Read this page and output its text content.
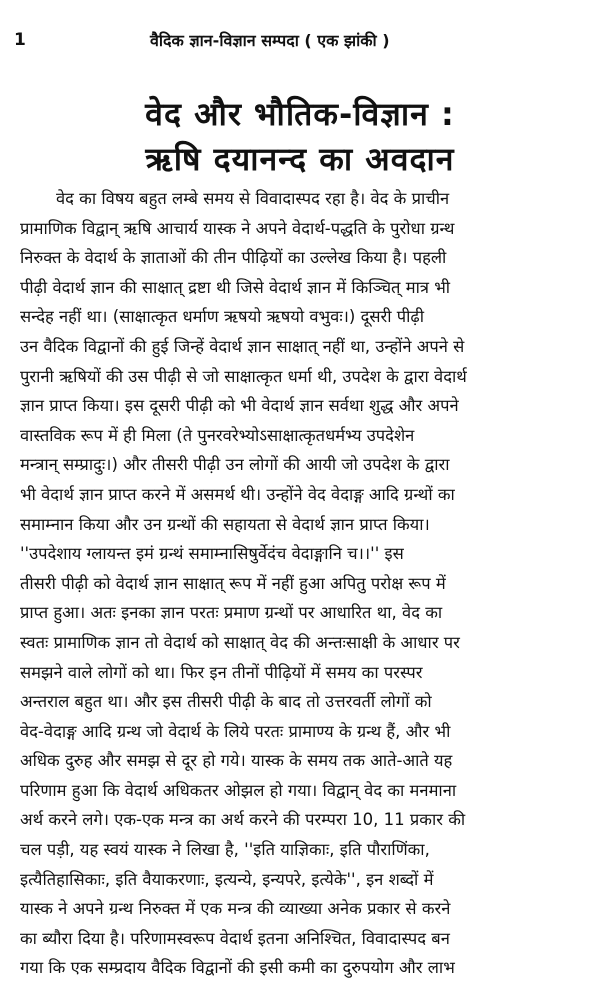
1	वैदिक ज्ञान-विज्ञान सम्पदा ( एक झांकी )
वेद और भौतिक-विज्ञान :
ऋषि दयानन्द का अवदान
वेद का विषय बहुत लम्बे समय से विवादास्पद रहा है। वेद के प्राचीन
प्रामाणिक विद्वान् ऋषि आचार्य यास्क ने अपने वेदार्थ-पद्धति के पुरोधा ग्रन्थ
निरुक्त के वेदार्थ के ज्ञाताओं की तीन पीढ़ियों का उल्लेख किया है। पहली
पीढ़ी वेदार्थ ज्ञान की साक्षात् द्रष्टा थी जिसे वेदार्थ ज्ञान में किञ्चित् मात्र भी
सन्देह नहीं था। (साक्षात्कृत धर्माण ऋषयो ऋषयो वभुवः।) दूसरी पीढ़ी
उन वैदिक विद्वानों की हुई जिन्हें वेदार्थ ज्ञान साक्षात् नहीं था, उन्होंने अपने से
पुरानी ऋषियों की उस पीढ़ी से जो साक्षात्कृत धर्मा थी, उपदेश के द्वारा वेदार्थ
ज्ञान प्राप्त किया। इस दूसरी पीढ़ी को भी वेदार्थ ज्ञान सर्वथा शुद्ध और अपने
वास्तविक रूप में ही मिला (ते पुनरवरेभ्योऽसाक्षात्कृतधर्मभ्य उपदेशेन
मन्त्रान् सम्प्रादुः।) और तीसरी पीढ़ी उन लोगों की आयी जो उपदेश के द्वारा
भी वेदार्थ ज्ञान प्राप्त करने में असमर्थ थी। उन्होंने वेद वेदाङ्ग आदि ग्रन्थों का
समाम्नान किया और उन ग्रन्थों की सहायता से वेदार्थ ज्ञान प्राप्त किया।
''उपदेशाय ग्लायन्त इमं ग्रन्थं समाम्नासिषुर्वेदंच वेदाङ्गानि च।।'' इस
तीसरी पीढ़ी को वेदार्थ ज्ञान साक्षात् रूप में नहीं हुआ अपितु परोक्ष रूप में
प्राप्त हुआ। अतः इनका ज्ञान परतः प्रमाण ग्रन्थों पर आधारित था, वेद का
स्वतः प्रामाणिक ज्ञान तो वेदार्थ को साक्षात् वेद की अन्तःसाक्षी के आधार पर
समझने वाले लोगों को था। फिर इन तीनों पीढ़ियों में समय का परस्पर
अन्तराल बहुत था। और इस तीसरी पीढ़ी के बाद तो उत्तरवर्ती लोगों को
वेद-वेदाङ्ग आदि ग्रन्थ जो वेदार्थ के लिये परतः प्रामाण्य के ग्रन्थ हैं, और भी
अधिक दुरुह और समझ से दूर हो गये। यास्क के समय तक आते-आते यह
परिणाम हुआ कि वेदार्थ अधिकतर ओझल हो गया। विद्वान् वेद का मनमाना
अर्थ करने लगे। एक-एक मन्त्र का अर्थ करने की परम्परा 10, 11 प्रकार की
चल पड़ी, यह स्वयं यास्क ने लिखा है, ''इति याज्ञिकाः, इति पौराणिंका,
इत्यैतिहासिकाः, इति वैयाकरणाः, इत्यन्ये, इन्यपरे, इत्येके'', इन शब्दों में
यास्क ने अपने ग्रन्थ निरुक्त में एक मन्त्र की व्याख्या अनेक प्रकार से करने
का ब्यौरा दिया है। परिणामस्वरूप वेदार्थ इतना अनिश्चित, विवादास्पद बन
गया कि एक सम्प्रदाय वैदिक विद्वानों की इसी कमी का दुरुपयोग और लाभ
